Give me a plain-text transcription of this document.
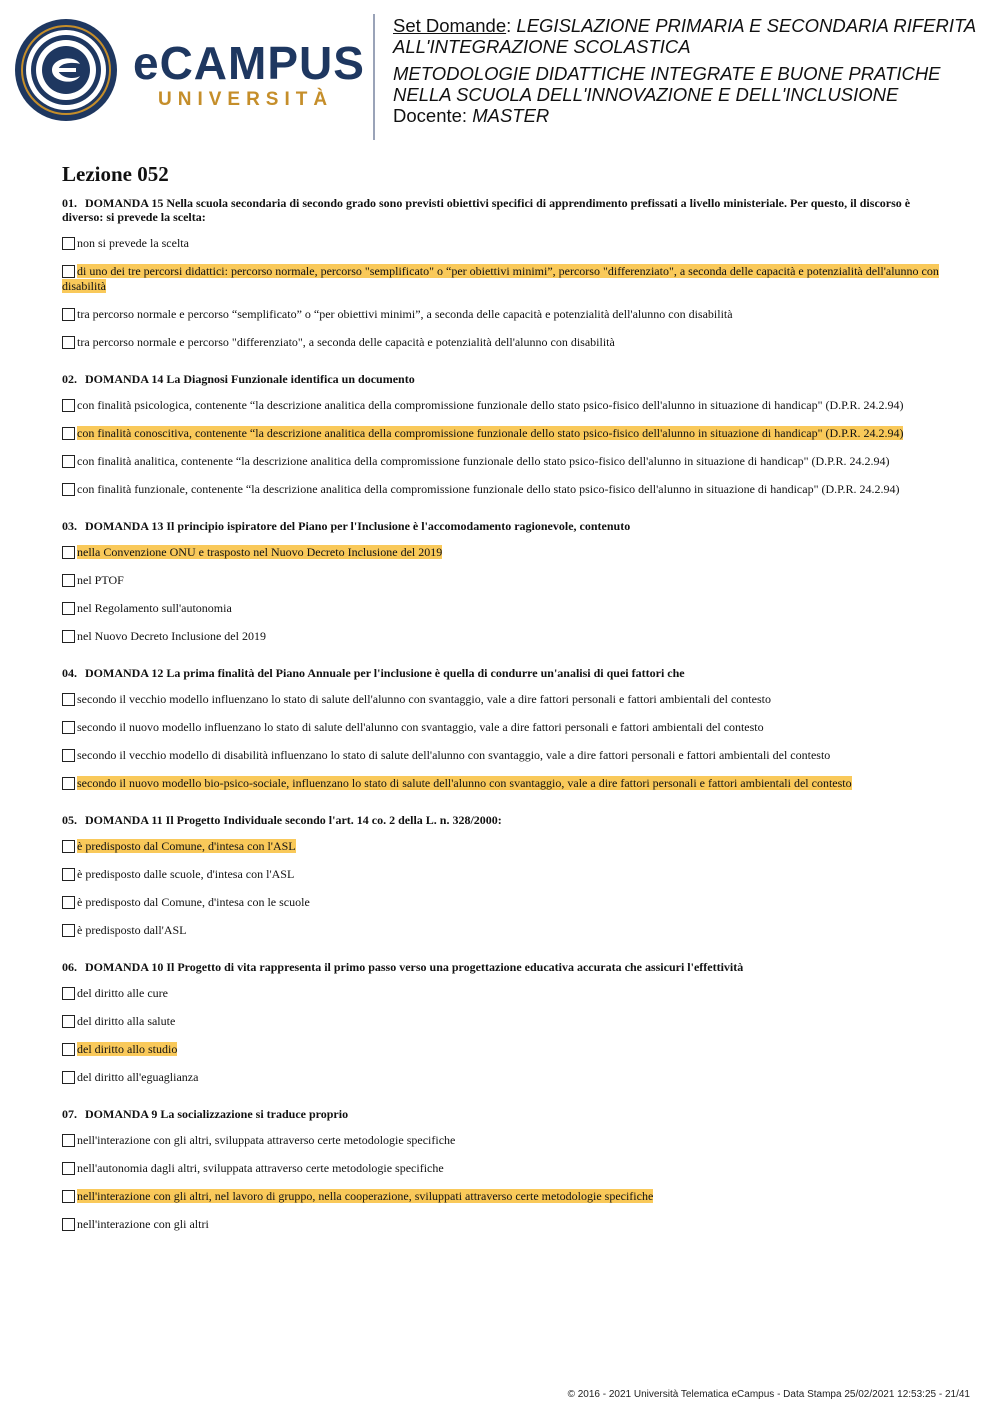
eCAMPUS
UNIVERSITÀ
Set Domande: LEGISLAZIONE PRIMARIA E SECONDARIA RIFERITA
ALL'INTEGRAZIONE SCOLASTICA
METODOLOGIE DIDATTICHE INTEGRATE E BUONE PRATICHE
NELLA SCUOLA DELL'INNOVAZIONE E DELL'INCLUSIONE
Docente: MASTER
Lezione 052
01. DOMANDA 15 Nella scuola secondaria di secondo grado sono previsti obiettivi specifici di apprendimento prefissati a livello ministeriale. Per questo, il discorso è diverso: si prevede la scelta:
non si prevede la scelta
di uno dei tre percorsi didattici: percorso normale, percorso "semplificato" o “per obiettivi minimi”, percorso "differenziato", a seconda delle capacità e potenzialità dell'alunno con disabilità
tra percorso normale e percorso “semplificato” o “per obiettivi minimi”, a seconda delle capacità e potenzialità dell'alunno con disabilità
tra percorso normale e percorso "differenziato", a seconda delle capacità e potenzialità dell'alunno con disabilità
02. DOMANDA 14 La Diagnosi Funzionale identifica un documento
con finalità psicologica, contenente “la descrizione analitica della compromissione funzionale dello stato psico-fisico dell'alunno in situazione di handicap" (D.P.R. 24.2.94)
con finalità conoscitiva, contenente “la descrizione analitica della compromissione funzionale dello stato psico-fisico dell'alunno in situazione di handicap" (D.P.R. 24.2.94)
con finalità analitica, contenente “la descrizione analitica della compromissione funzionale dello stato psico-fisico dell'alunno in situazione di handicap" (D.P.R. 24.2.94)
con finalità funzionale, contenente “la descrizione analitica della compromissione funzionale dello stato psico-fisico dell'alunno in situazione di handicap" (D.P.R. 24.2.94)
03. DOMANDA 13 Il principio ispiratore del Piano per l'Inclusione è l'accomodamento ragionevole, contenuto
nella Convenzione ONU e trasposto nel Nuovo Decreto Inclusione del 2019
nel PTOF
nel Regolamento sull'autonomia
nel Nuovo Decreto Inclusione del 2019
04. DOMANDA 12 La prima finalità del Piano Annuale per l'inclusione è quella di condurre un'analisi di quei fattori che
secondo il vecchio modello influenzano lo stato di salute dell'alunno con svantaggio, vale a dire fattori personali e fattori ambientali del contesto
secondo il nuovo modello influenzano lo stato di salute dell'alunno con svantaggio, vale a dire fattori personali e fattori ambientali del contesto
secondo il vecchio modello di disabilità influenzano lo stato di salute dell'alunno con svantaggio, vale a dire fattori personali e fattori ambientali del contesto
secondo il nuovo modello bio-psico-sociale, influenzano lo stato di salute dell'alunno con svantaggio, vale a dire fattori personali e fattori ambientali del contesto
05. DOMANDA 11 Il Progetto Individuale secondo l'art. 14 co. 2 della L. n. 328/2000:
è predisposto dal Comune, d'intesa con l'ASL
è predisposto dalle scuole, d'intesa con l'ASL
è predisposto dal Comune, d'intesa con le scuole
è predisposto dall'ASL
06. DOMANDA 10 Il Progetto di vita rappresenta il primo passo verso una progettazione educativa accurata che assicuri l'effettività
del diritto alle cure
del diritto alla salute
del diritto allo studio
del diritto all'eguaglianza
07. DOMANDA 9 La socializzazione si traduce proprio
nell'interazione con gli altri, sviluppata attraverso certe metodologie specifiche
nell'autonomia dagli altri, sviluppata attraverso certe metodologie specifiche
nell'interazione con gli altri, nel lavoro di gruppo, nella cooperazione, sviluppati attraverso certe metodologie specifiche
nell'interazione con gli altri
© 2016 - 2021 Università Telematica eCampus - Data Stampa 25/02/2021 12:53:25 - 21/41
